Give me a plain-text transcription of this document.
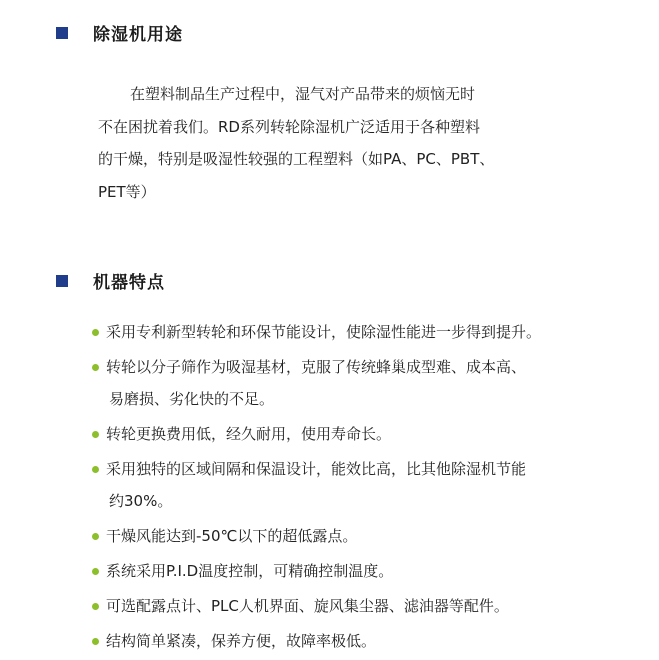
除湿机用途
在塑料制品生产过程中，湿气对产品带来的烦恼无时
不在困扰着我们。RD系列转轮除湿机广泛适用于各种塑料
的干燥，特别是吸湿性较强的工程塑料（如PA、PC、PBT、
PET等）
机器特点
采用专利新型转轮和环保节能设计，使除湿性能进一步得到提升。
转轮以分子筛作为吸湿基材，克服了传统蜂巢成型难、成本高、
易磨损、劣化快的不足。
转轮更换费用低，经久耐用，使用寿命长。
采用独特的区域间隔和保温设计，能效比高，比其他除湿机节能
约30%。
干燥风能达到-50℃以下的超低露点。
系统采用P.I.D温度控制，可精确控制温度。
可选配露点计、PLC人机界面、旋风集尘器、滤油器等配件。
结构简单紧凑，保养方便，故障率极低。
